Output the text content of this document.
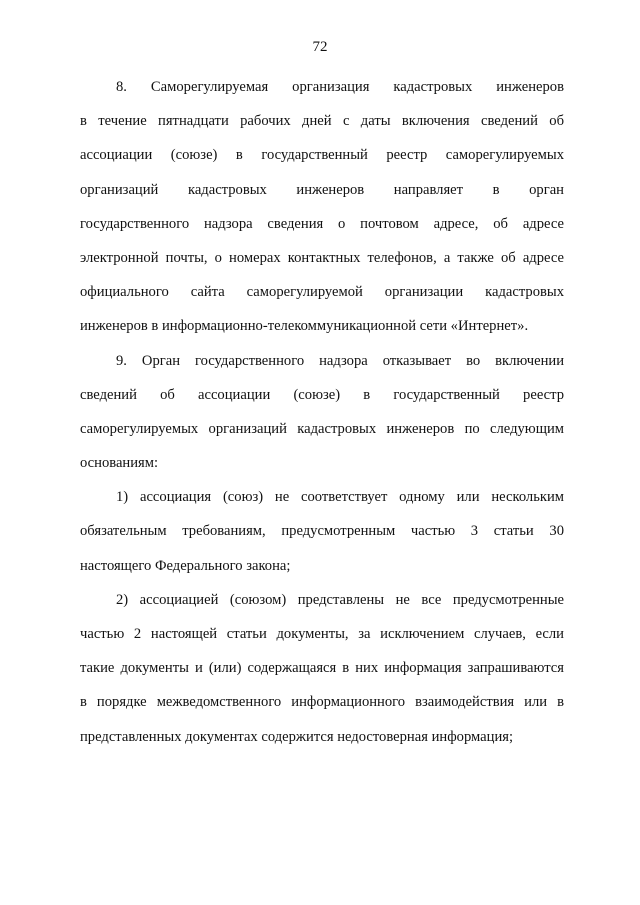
72
8. Саморегулируемая организация кадастровых инженеров
в течение пятнадцати рабочих дней с даты включения сведений об
ассоциации (союзе) в государственный реестр саморегулируемых
организаций кадастровых инженеров направляет в орган
государственного надзора сведения о почтовом адресе, об адресе
электронной почты, о номерах контактных телефонов, а также об адресе
официального сайта саморегулируемой организации кадастровых
инженеров в информационно-телекоммуникационной сети «Интернет».
9. Орган государственного надзора отказывает во включении
сведений об ассоциации (союзе) в государственный реестр
саморегулируемых организаций кадастровых инженеров по следующим
основаниям:
1) ассоциация (союз) не соответствует одному или нескольким
обязательным требованиям, предусмотренным частью 3 статьи 30
настоящего Федерального закона;
2) ассоциацией (союзом) представлены не все предусмотренные
частью 2 настоящей статьи документы, за исключением случаев, если
такие документы и (или) содержащаяся в них информация запрашиваются
в порядке межведомственного информационного взаимодействия или в
представленных документах содержится недостоверная информация;
